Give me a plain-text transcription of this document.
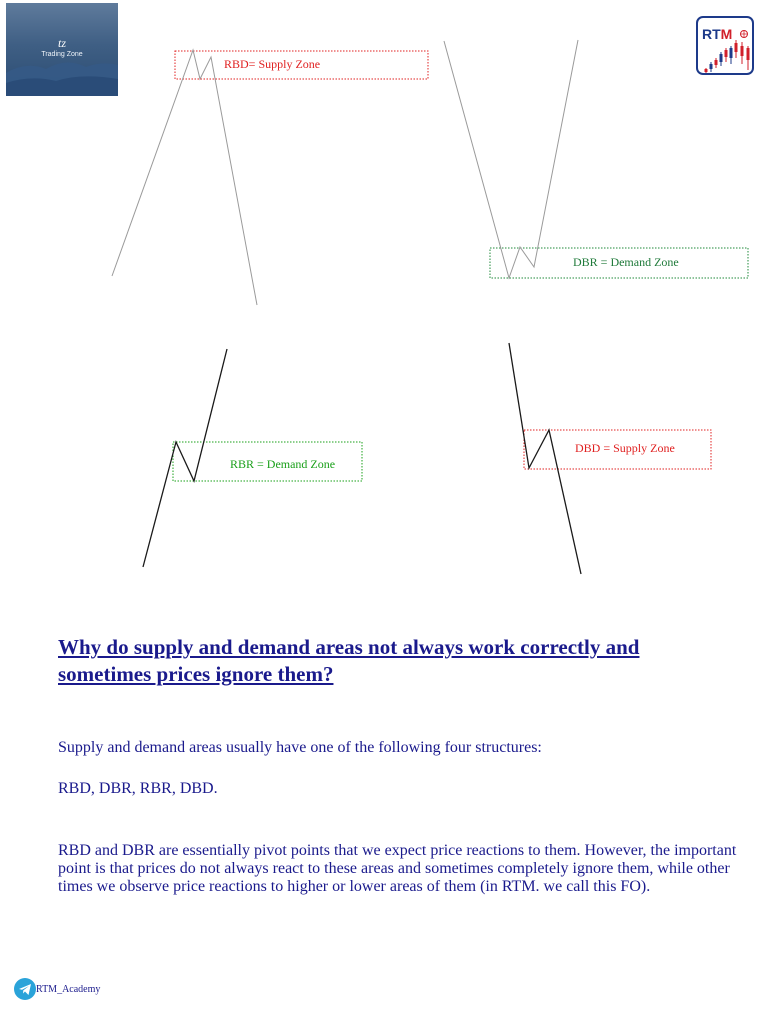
tz
Trading Zone
RTM
RBD= Supply Zone
DBR = Demand Zone
RBR = Demand Zone
DBD = Supply Zone
Why do supply and demand areas not always work correctly and sometimes prices ignore them?
Supply and demand areas usually have one of the following four structures:
RBD, DBR, RBR, DBD.
RBD and DBR are essentially pivot points that we expect price reactions to them. However, the important point is that prices do not always react to these areas and sometimes completely ignore them, while other times we observe price reactions to higher or lower areas of them (in RTM. we call this FO).
RTM_Academy
